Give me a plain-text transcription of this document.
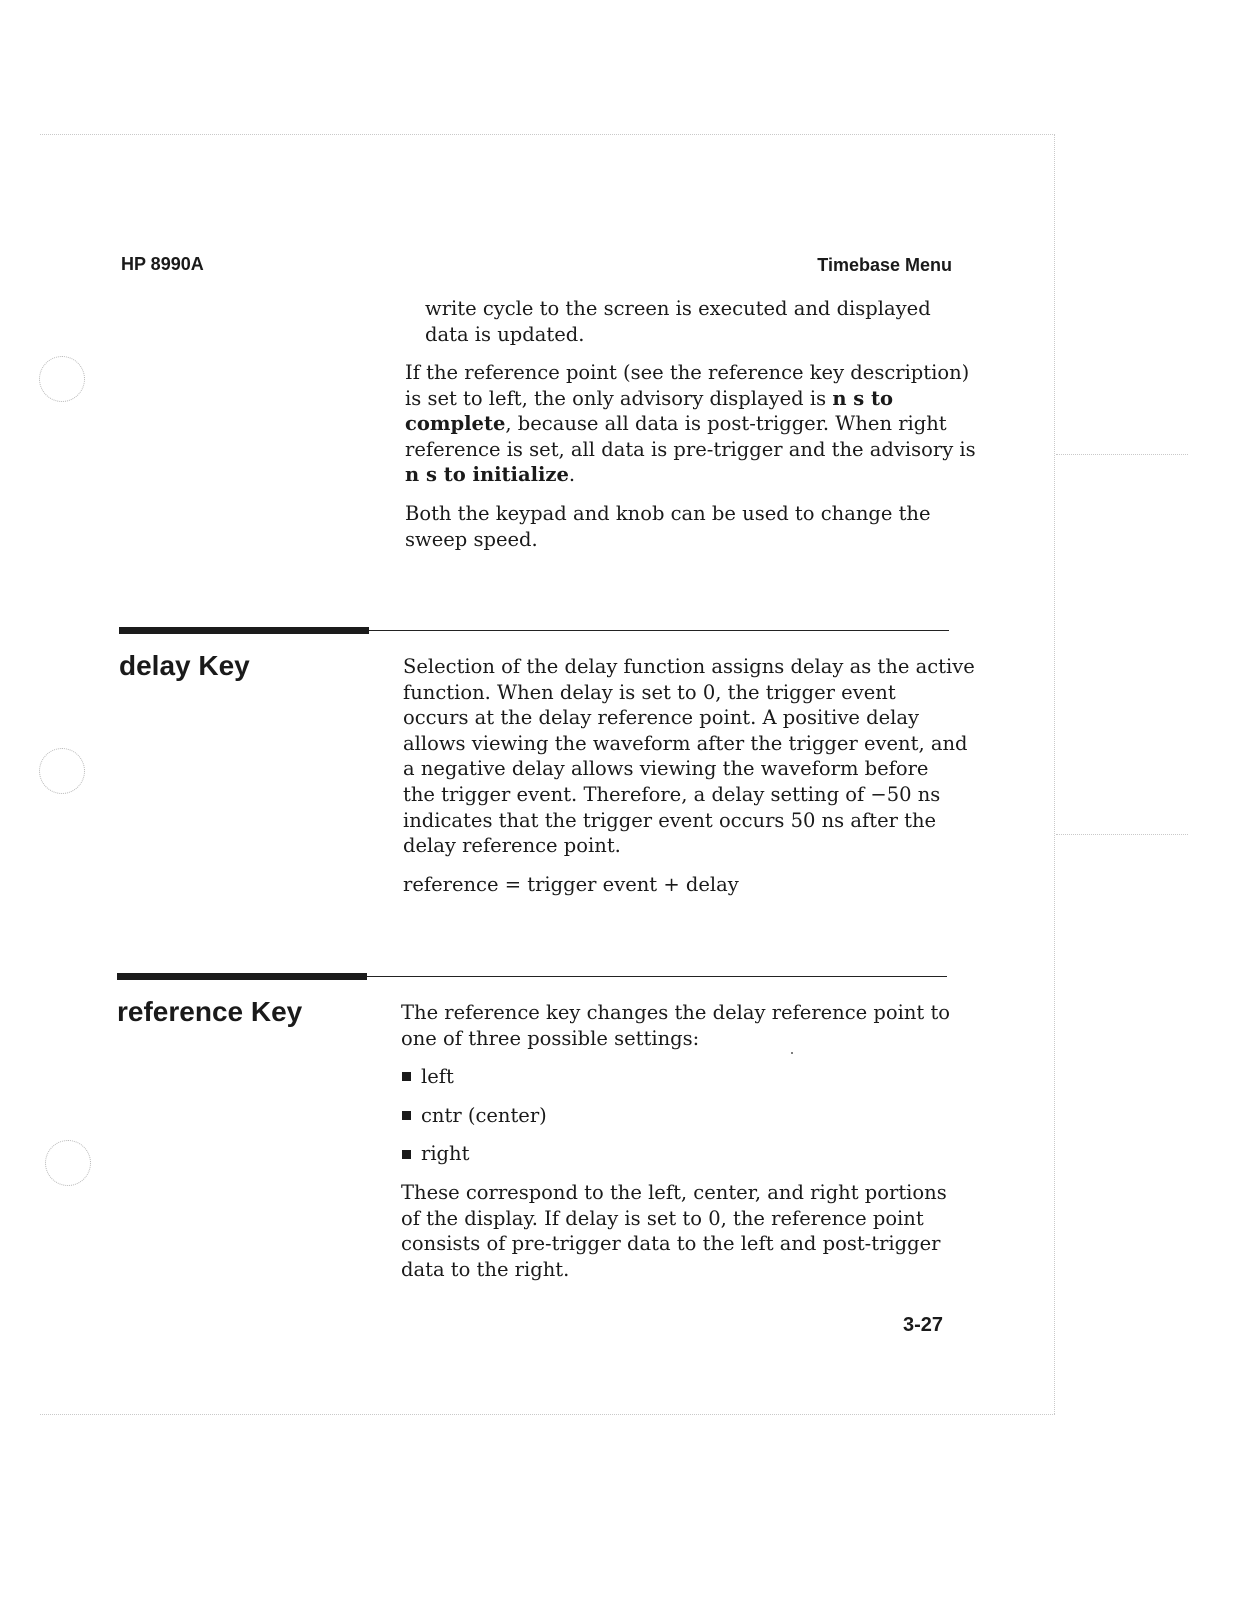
HP 8990A	Timebase Menu

write cycle to the screen is executed and displayed

data is updated.

If the reference point (see the reference key description)

is set to left, the only advisory displayed is n s to

complete, because all data is post-trigger. When right

reference is set, all data is pre-trigger and the advisory is

n s to initialize.

Both the keypad and knob can be used to change the

sweep speed.

delay Key	Selection of the delay function assigns delay as the active

function. When delay is set to 0, the trigger event

occurs at the delay reference point. A positive delay

allows viewing the waveform after the trigger event, and

a negative delay allows viewing the waveform before

the trigger event. Therefore, a delay setting of −50 ns

indicates that the trigger event occurs 50 ns after the

delay reference point.

reference = trigger event + delay

reference Key	The reference key changes the delay reference point to

one of three possible settings:

left
cntr (center)
right

These correspond to the left, center, and right portions

of the display. If delay is set to 0, the reference point

consists of pre-trigger data to the left and post-trigger

data to the right.

3-27
